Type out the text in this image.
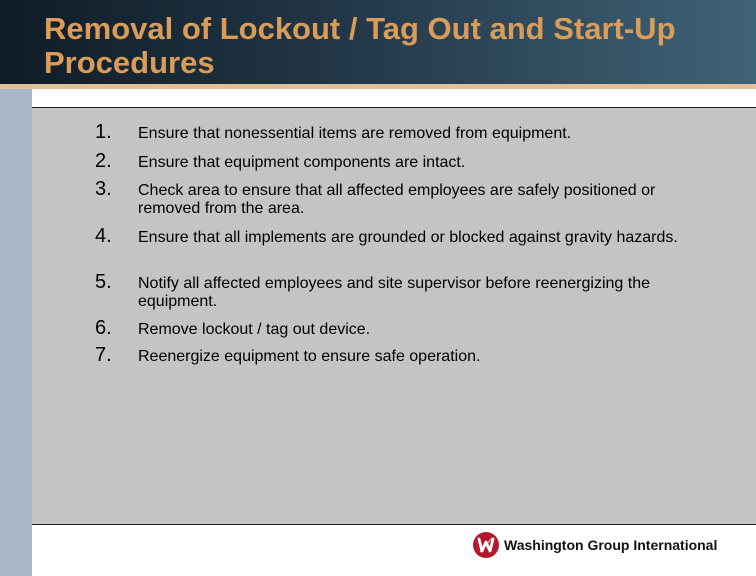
Removal of Lockout / Tag Out and Start-Up Procedures
1.	Ensure that nonessential items are removed from equipment.

2.	Ensure that equipment components are intact.

3.	Check area to ensure that all affected employees are safely positioned or removed from the area.

4.	Ensure that all implements are grounded or blocked against gravity hazards.

5.	Notify all affected employees and site supervisor before reenergizing the equipment.

6.	Remove lockout / tag out device.

7.	Reenergize equipment to ensure safe operation.

Washington Group International
